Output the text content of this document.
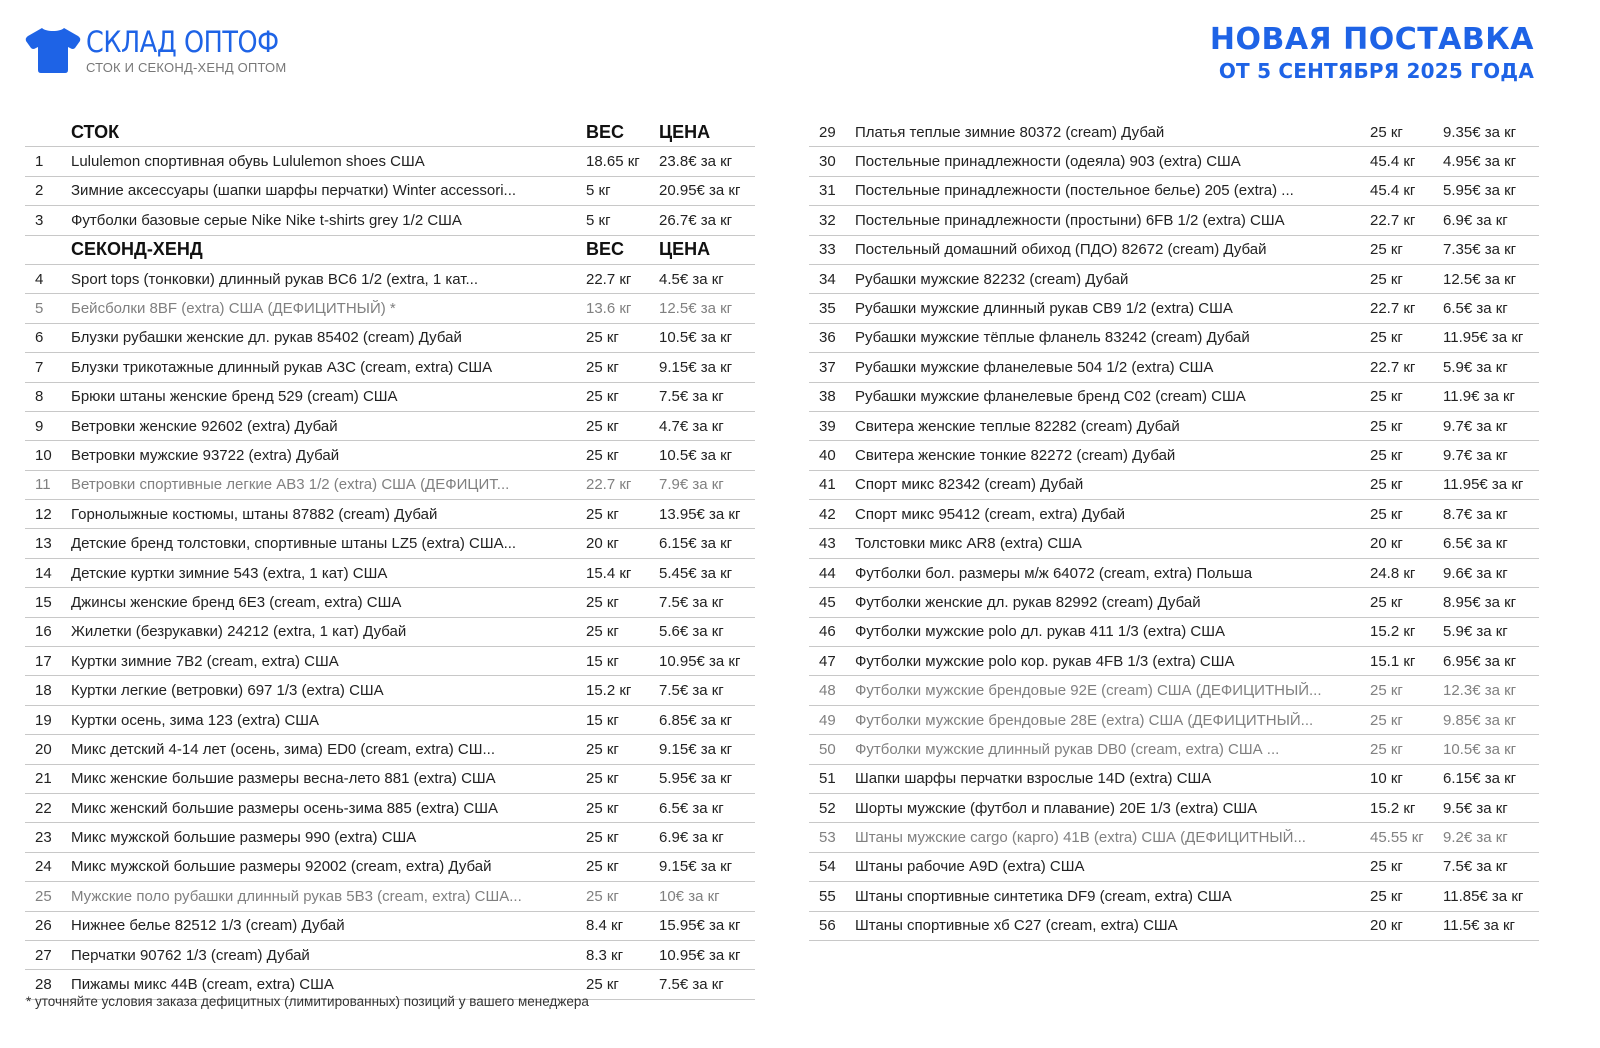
СКЛАД ОПТОФ
СТОК И СЕКОНД-ХЕНД ОПТОМ
НОВАЯ ПОСТАВКА
ОТ 5 СЕНТЯБРЯ 2025 ГОДА
СТОК	ВЕС	ЦЕНА
1	Lululemon спортивная обувь Lululemon shoes США	18.65 кг	23.8€ за кг
2	Зимние аксессуары (шапки шарфы перчатки) Winter accessori...	5 кг	20.95€ за кг
3	Футболки базовые серые Nike Nike t-shirts grey 1/2 США	5 кг	26.7€ за кг
СЕКОНД-ХЕНД	ВЕС	ЦЕНА
4	Sport tops (тонковки) длинный рукав BC6 1/2 (extra, 1 кат...	22.7 кг	4.5€ за кг
5	Бейсболки 8BF (extra) США (ДЕФИЦИТНЫЙ) *	13.6 кг	12.5€ за кг
6	Блузки рубашки женские дл. рукав 85402 (cream) Дубай	25 кг	10.5€ за кг
7	Блузки трикотажные длинный рукав A3C (cream, extra) США	25 кг	9.15€ за кг
8	Брюки штаны женские бренд 529 (cream) США	25 кг	7.5€ за кг
9	Ветровки женские 92602 (extra) Дубай	25 кг	4.7€ за кг
10	Ветровки мужские 93722 (extra) Дубай	25 кг	10.5€ за кг
11	Ветровки спортивные легкие AB3 1/2 (extra) США (ДЕФИЦИТ...	22.7 кг	7.9€ за кг
12	Горнолыжные костюмы, штаны 87882 (cream) Дубай	25 кг	13.95€ за кг
13	Детские бренд толстовки, спортивные штаны LZ5 (extra) США...	20 кг	6.15€ за кг
14	Детские куртки зимние 543 (extra, 1 кат) США	15.4 кг	5.45€ за кг
15	Джинсы женские бренд 6E3 (cream, extra) США	25 кг	7.5€ за кг
16	Жилетки (безрукавки) 24212 (extra, 1 кат) Дубай	25 кг	5.6€ за кг
17	Куртки зимние 7B2 (cream, extra) США	15 кг	10.95€ за кг
18	Куртки легкие (ветровки) 697 1/3 (extra) США	15.2 кг	7.5€ за кг
19	Куртки осень, зима 123 (extra) США	15 кг	6.85€ за кг
20	Микс детский 4-14 лет (осень, зима) ED0 (cream, extra) СШ...	25 кг	9.15€ за кг
21	Микс женские большие размеры весна-лето 881 (extra) США	25 кг	5.95€ за кг
22	Микс женский большие размеры осень-зима 885 (extra) США	25 кг	6.5€ за кг
23	Микс мужской большие размеры 990 (extra) США	25 кг	6.9€ за кг
24	Микс мужской большие размеры 92002 (cream, extra) Дубай	25 кг	9.15€ за кг
25	Мужские поло рубашки длинный рукав 5B3 (cream, extra) США...	25 кг	10€ за кг
26	Нижнее белье 82512 1/3 (cream) Дубай	8.4 кг	15.95€ за кг
27	Перчатки 90762 1/3 (cream) Дубай	8.3 кг	10.95€ за кг
28	Пижамы микс 44B (cream, extra) США	25 кг	7.5€ за кг
29	Платья теплые зимние 80372 (cream) Дубай	25 кг	9.35€ за кг
30	Постельные принадлежности (одеяла) 903 (extra) США	45.4 кг	4.95€ за кг
31	Постельные принадлежности (постельное белье) 205 (extra) ...	45.4 кг	5.95€ за кг
32	Постельные принадлежности (простыни) 6FB 1/2 (extra) США	22.7 кг	6.9€ за кг
33	Постельный домашний обиход (ПДО) 82672 (cream) Дубай	25 кг	7.35€ за кг
34	Рубашки мужские 82232 (cream) Дубай	25 кг	12.5€ за кг
35	Рубашки мужские длинный рукав CB9 1/2 (extra) США	22.7 кг	6.5€ за кг
36	Рубашки мужские тёплые фланель 83242 (cream) Дубай	25 кг	11.95€ за кг
37	Рубашки мужские фланелевые 504 1/2 (extra) США	22.7 кг	5.9€ за кг
38	Рубашки мужские фланелевые бренд C02 (cream) США	25 кг	11.9€ за кг
39	Свитера женские теплые 82282 (cream) Дубай	25 кг	9.7€ за кг
40	Свитера женские тонкие 82272 (cream) Дубай	25 кг	9.7€ за кг
41	Спорт микс 82342 (cream) Дубай	25 кг	11.95€ за кг
42	Спорт микс 95412 (cream, extra) Дубай	25 кг	8.7€ за кг
43	Толстовки микс AR8 (extra) США	20 кг	6.5€ за кг
44	Футболки бол. размеры м/ж 64072 (cream, extra) Польша	24.8 кг	9.6€ за кг
45	Футболки женские дл. рукав 82992 (cream) Дубай	25 кг	8.95€ за кг
46	Футболки мужские polo дл. рукав 411 1/3 (extra) США	15.2 кг	5.9€ за кг
47	Футболки мужские polo кор. рукав 4FB 1/3 (extra) США	15.1 кг	6.95€ за кг
48	Футболки мужские брендовые 92E (cream) США (ДЕФИЦИТНЫЙ...	25 кг	12.3€ за кг
49	Футболки мужские брендовые 28E (extra) США (ДЕФИЦИТНЫЙ...	25 кг	9.85€ за кг
50	Футболки мужские длинный рукав DB0 (cream, extra) США ...	25 кг	10.5€ за кг
51	Шапки шарфы перчатки взрослые 14D (extra) США	10 кг	6.15€ за кг
52	Шорты мужские (футбол и плавание) 20E 1/3 (extra) США	15.2 кг	9.5€ за кг
53	Штаны мужские cargo (карго) 41B (extra) США (ДЕФИЦИТНЫЙ...	45.55 кг	9.2€ за кг
54	Штаны рабочие A9D (extra) США	25 кг	7.5€ за кг
55	Штаны спортивные синтетика DF9 (cream, extra) США	25 кг	11.85€ за кг
56	Штаны спортивные хб C27 (cream, extra) США	20 кг	11.5€ за кг
* уточняйте условия заказа дефицитных (лимитированных) позиций у вашего менеджера
